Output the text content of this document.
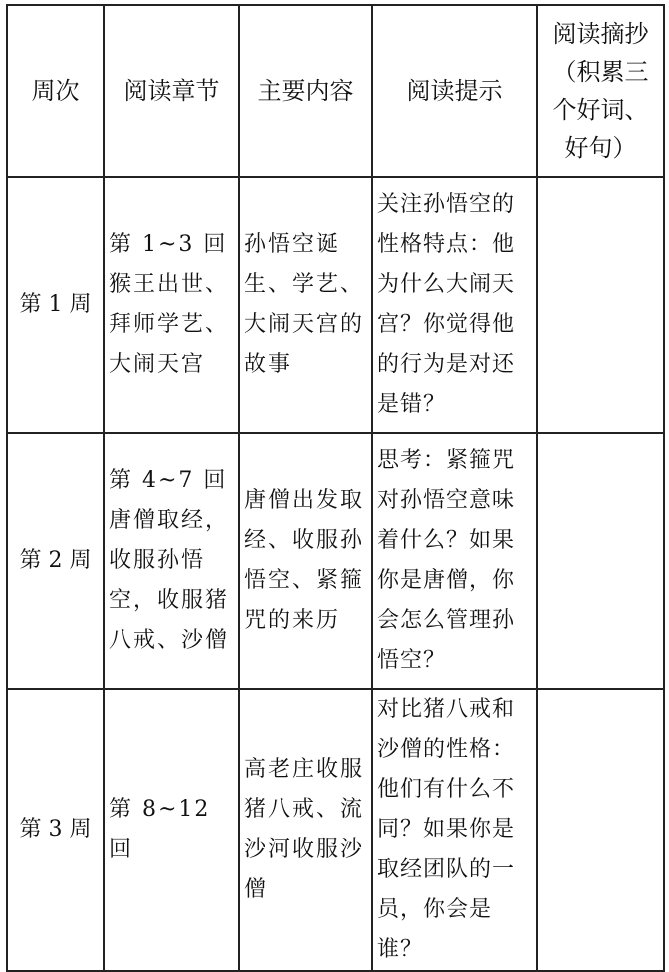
周次	阅读章节	主要内容	阅读提示	阅读摘抄（积累三个好词、好句）
第 1 周	第 1~3 回猴王出世、拜师学艺、大闹天宫	孙悟空诞生、学艺、大闹天宫的故事	关注孙悟空的性格特点：他为什么大闹天宫？你觉得他的行为是对还是错？	
第 2 周	第 4~7 回唐僧取经，收服孙悟空，收服猪八戒、沙僧	唐僧出发取经、收服孙悟空、紧箍咒的来历	思考：紧箍咒对孙悟空意味着什么？如果你是唐僧，你会怎么管理孙悟空？	
第 3 周	第 8~12 回	高老庄收服猪八戒、流沙河收服沙僧	对比猪八戒和沙僧的性格：他们有什么不同？如果你是取经团队的一员，你会是谁？	
